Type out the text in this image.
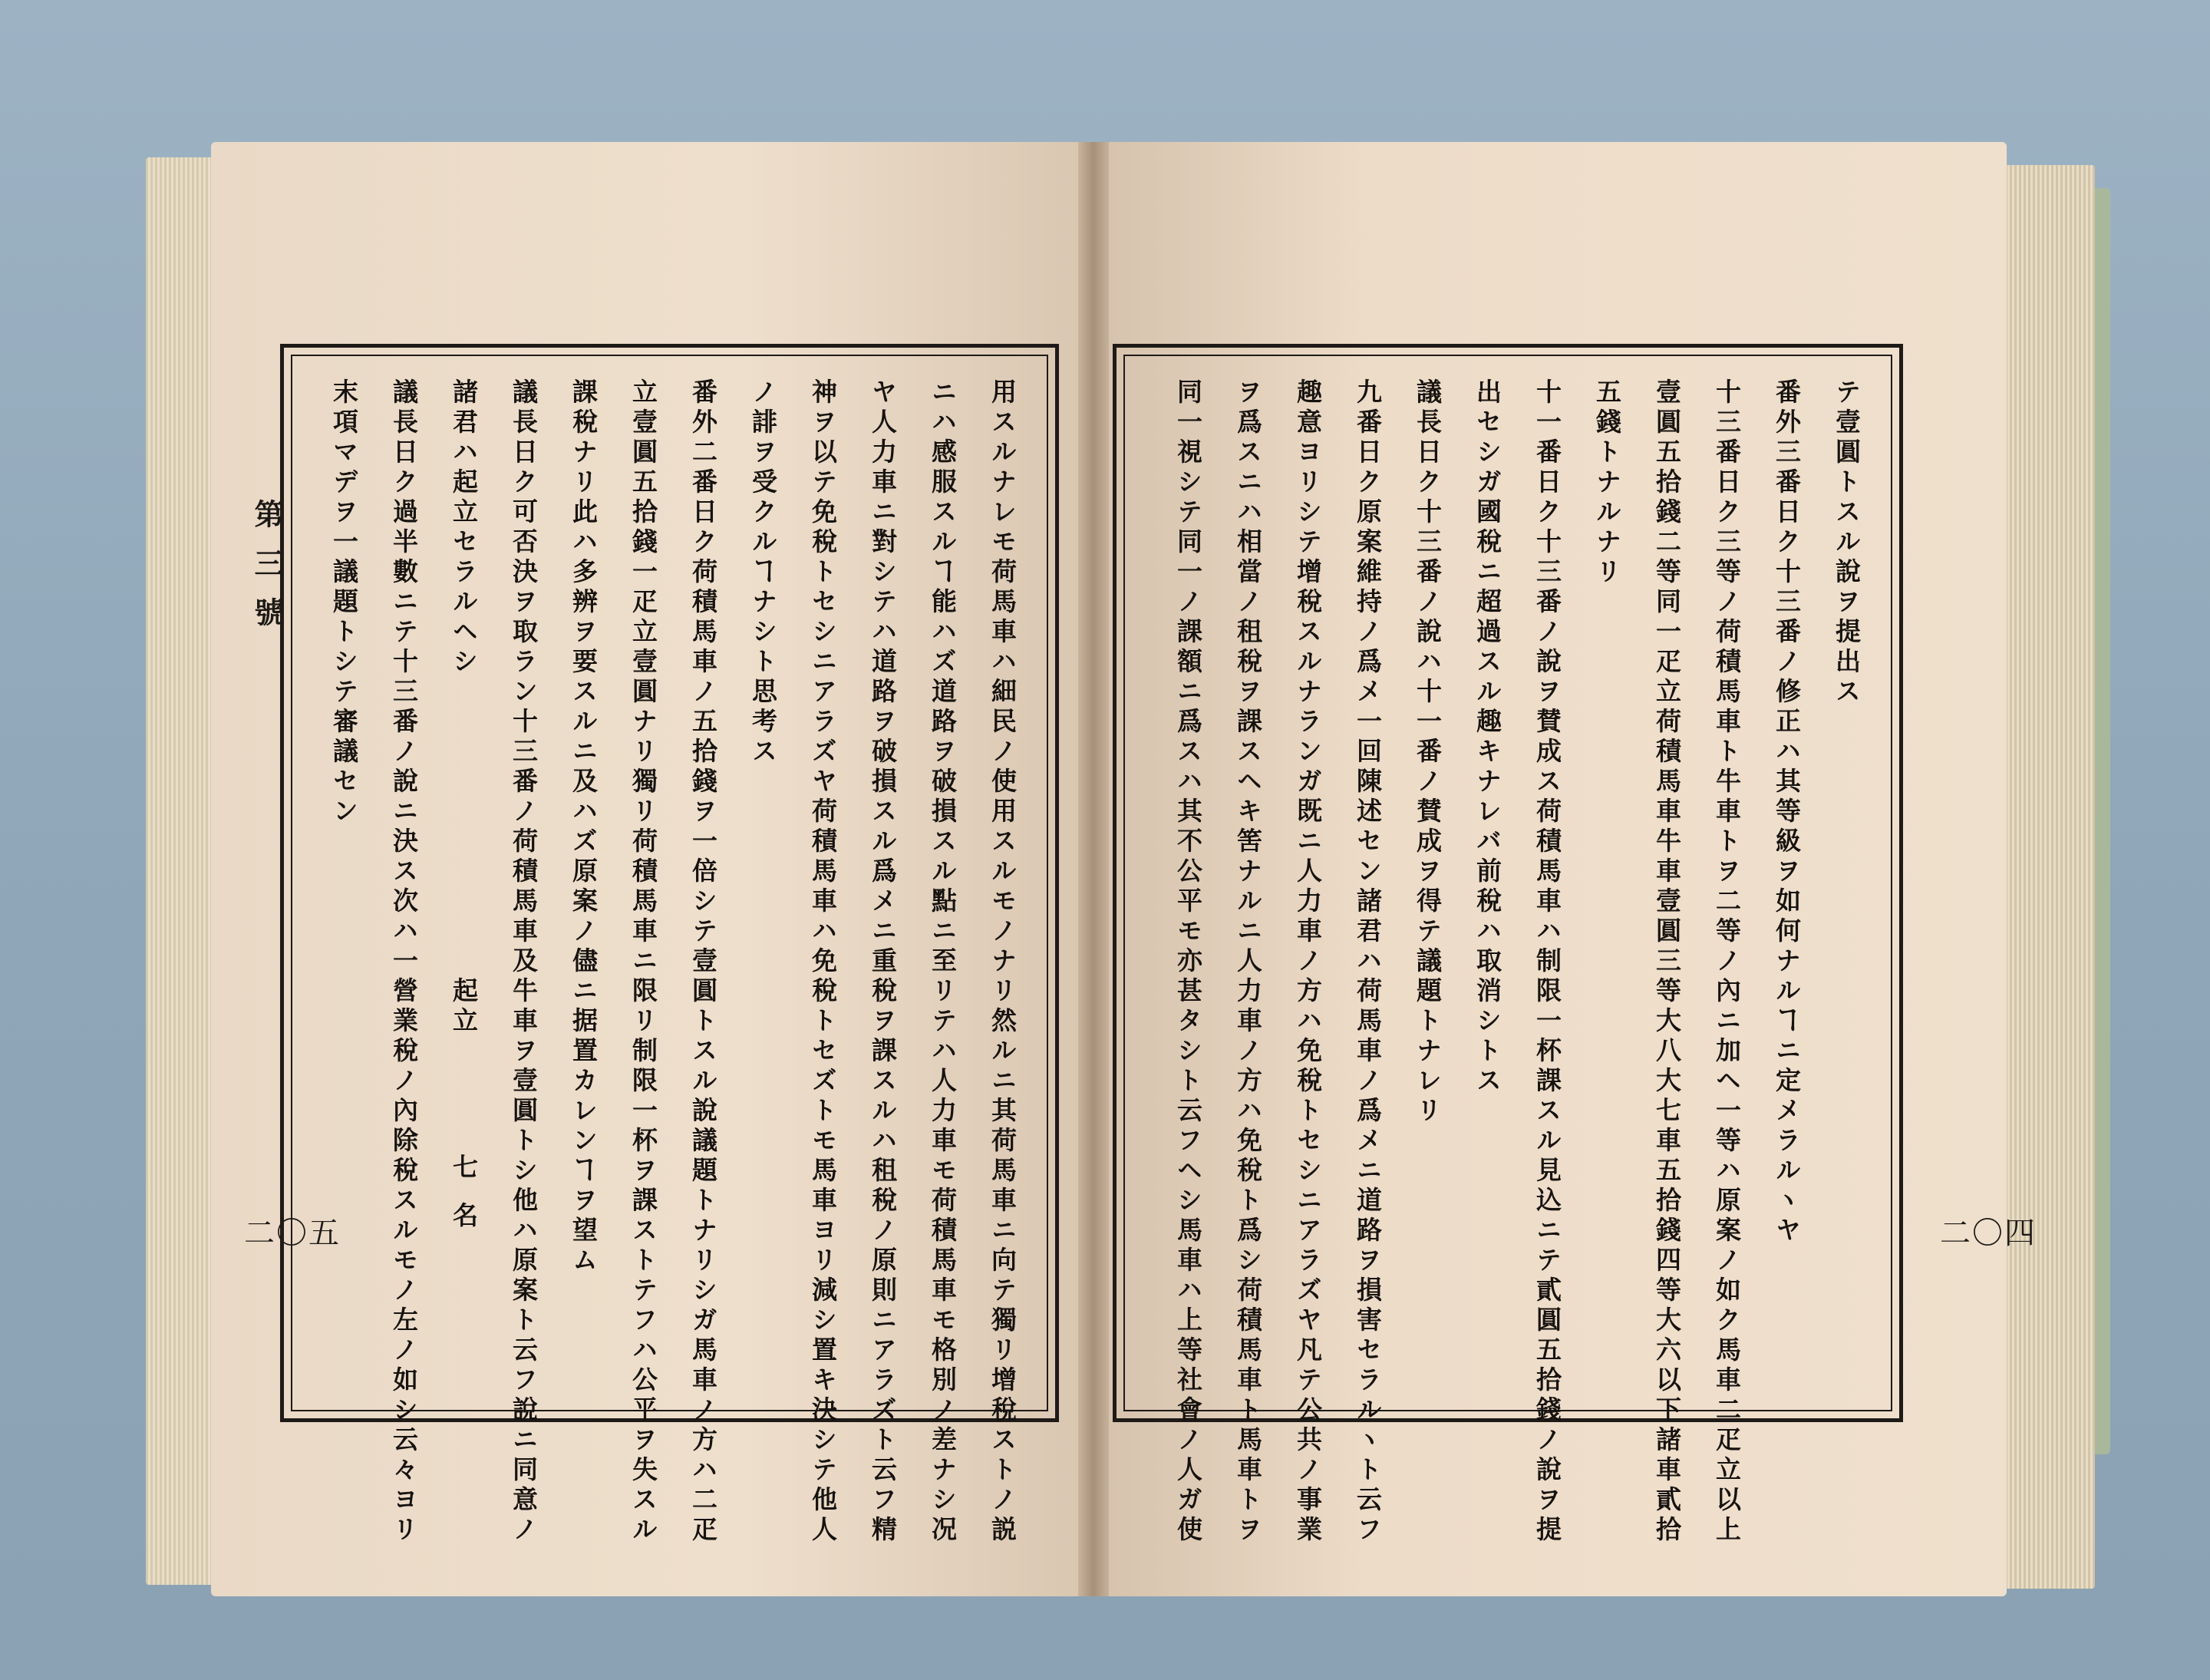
第三號
二〇五	二〇四
用スルナレモ荷馬車ハ細民ノ使用スルモノナリ然ルニ其荷馬車ニ向テ獨リ增稅ストノ説
ニハ感服スルヿ能ハズ道路ヲ破損スル點ニ至リテハ人力車モ荷積馬車モ格別ノ差ナシ况
ヤ人力車ニ對シテハ道路ヲ破損スル爲メニ重稅ヲ課スルハ租稅ノ原則ニアラズト云フ精
神ヲ以テ免稅トセシニアラズヤ荷積馬車ハ免稅トセズトモ馬車ヨリ減シ置キ決シテ他人
ノ誹ヲ受クルヿナシト思考ス
番外二番日ク荷積馬車ノ五拾錢ヲ一倍シテ壹圓トスル說議題トナリシガ馬車ノ方ハ二疋
立壹圓五拾錢一疋立壹圓ナリ獨リ荷積馬車ニ限リ制限一杯ヲ課ストテフハ公平ヲ失スル
課稅ナリ此ハ多辨ヲ要スルニ及ハズ原案ノ儘ニ据置カレンヿヲ望ム
議長日ク可否決ヲ取ラン十三番ノ荷積馬車及牛車ヲ壹圓トシ他ハ原案ト云フ說ニ同意ノ
諸君ハ起立セラルヘシ
起立
七名
議長日ク過半數ニテ十三番ノ說ニ決ス次ハ一營業稅ノ內除稅スルモノ左ノ如シ云々ヨリ
末項マデヲ一議題トシテ審議セン	テ壹圓トスル說ヲ提出ス
番外三番日ク十三番ノ修正ハ其等級ヲ如何ナルヿニ定メラルヽヤ
十三番日ク三等ノ荷積馬車ト牛車トヲ二等ノ內ニ加ヘ一等ハ原案ノ如ク馬車二疋立以上
壹圓五拾錢二等同一疋立荷積馬車牛車壹圓三等大八大七車五拾錢四等大六以下諸車貳拾
五錢トナルナリ
十一番日ク十三番ノ說ヲ賛成ス荷積馬車ハ制限一杯課スル見込ニテ貳圓五拾錢ノ說ヲ提
出セシガ國稅ニ超過スル趣キナレバ前稅ハ取消シトス
議長日ク十三番ノ說ハ十一番ノ賛成ヲ得テ議題トナレリ
九番日ク原案維持ノ爲メ一回陳述セン諸君ハ荷馬車ノ爲メニ道路ヲ損害セラルヽト云フ
趣意ヨリシテ增稅スルナランガ既ニ人力車ノ方ハ免稅トセシニアラズヤ凡テ公共ノ事業
ヲ爲スニハ相當ノ租稅ヲ課スヘキ筈ナルニ人力車ノ方ハ免稅ト爲シ荷積馬車ト馬車トヲ
同一視シテ同一ノ課額ニ爲スハ其不公平モ亦甚タシト云フヘシ馬車ハ上等社會ノ人ガ使
